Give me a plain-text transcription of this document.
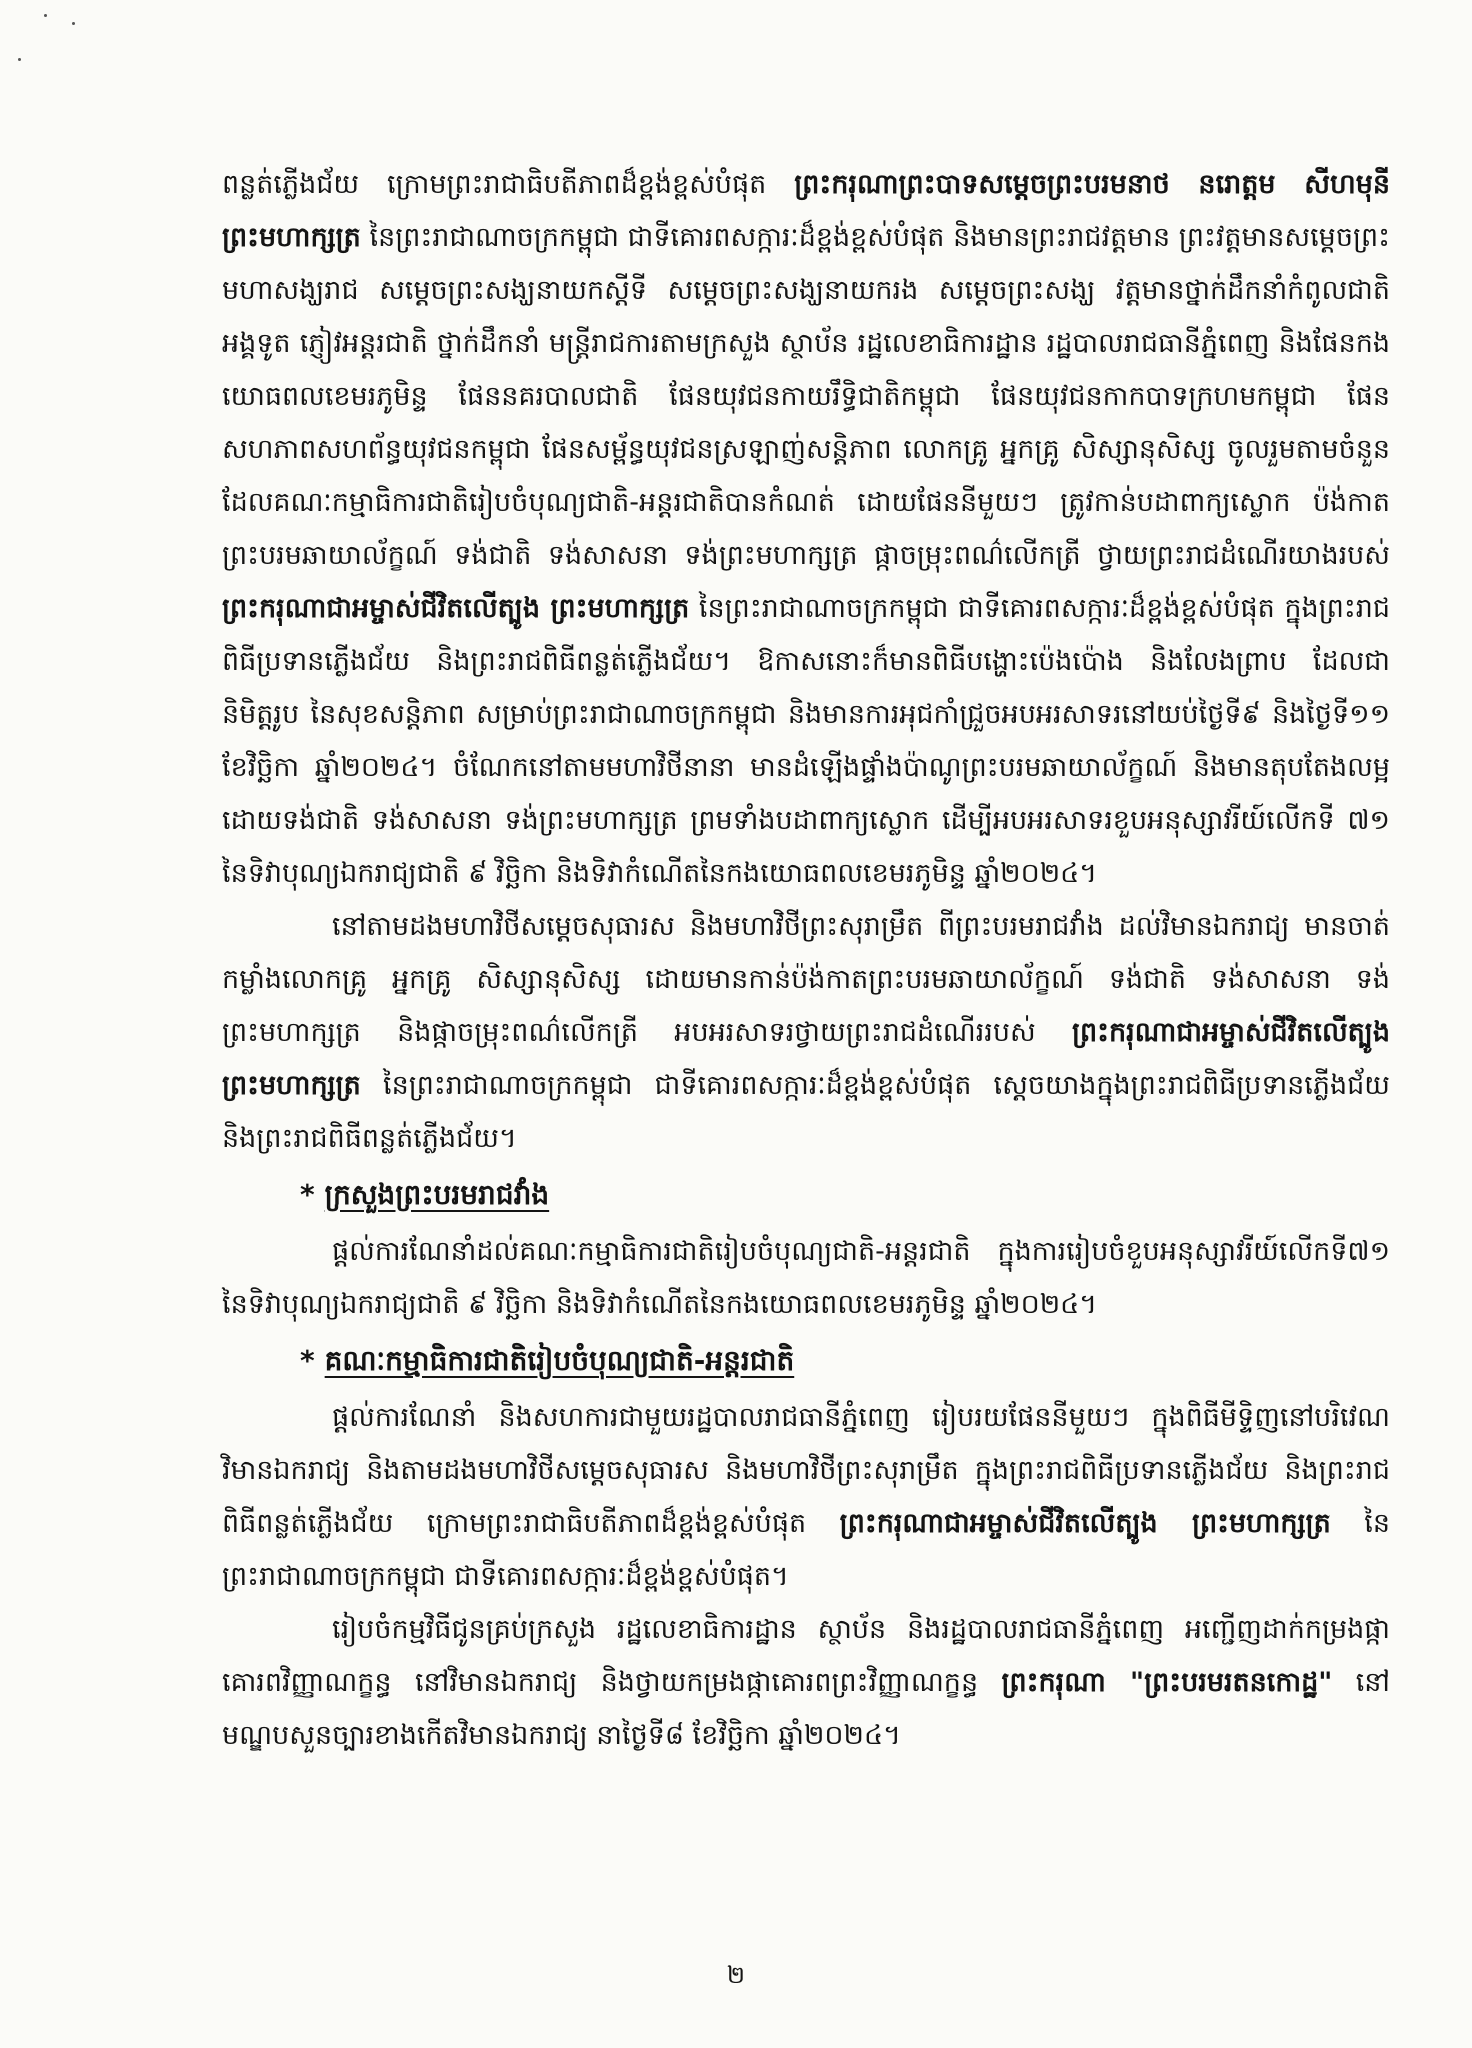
ពន្លត់ភ្លើងជ័យ ក្រោមព្រះរាជាធិបតីភាពដ៏ខ្ពង់ខ្ពស់បំផុត ព្រះករុណាព្រះបាទសម្តេចព្រះបរមនាថ នរោត្តម សីហមុនី ព្រះមហាក្សត្រ នៃព្រះរាជាណាចក្រកម្ពុជា ជាទីគោរពសក្ការៈដ៏ខ្ពង់ខ្ពស់បំផុត និងមានព្រះរាជវត្តមាន ព្រះវត្តមានសម្តេចព្រះមហាសង្ឃរាជ សម្តេចព្រះសង្ឃនាយកស្តីទី សម្តេចព្រះសង្ឃនាយករង សម្តេចព្រះសង្ឃ វត្តមានថ្នាក់ដឹកនាំកំពូលជាតិ អង្គទូត ភ្ញៀវអន្តរជាតិ ថ្នាក់ដឹកនាំ មន្ត្រីរាជការតាមក្រសួង ស្ថាប័ន រដ្ឋលេខាធិការដ្ឋាន រដ្ឋបាលរាជធានីភ្នំពេញ និងផែនកងយោធពលខេមរភូមិន្ទ ផែននគរបាលជាតិ ផែនយុវជនកាយរឹទ្ធិជាតិកម្ពុជា ផែនយុវជនកាកបាទក្រហមកម្ពុជា ផែនសហភាពសហព័ន្ធយុវជនកម្ពុជា ផែនសម្ព័ន្ធយុវជនស្រឡាញ់សន្តិភាព លោកគ្រូ អ្នកគ្រូ សិស្សានុសិស្ស ចូលរួមតាមចំនួន ដែលគណៈកម្មាធិការជាតិរៀបចំបុណ្យជាតិ-អន្តរជាតិបានកំណត់ ដោយផែននីមួយៗ ត្រូវកាន់បដាពាក្យស្លោក ប៉ង់កាតព្រះបរមឆាយាល័ក្ខណ៍ ទង់ជាតិ ទង់សាសនា ទង់ព្រះមហាក្សត្រ ផ្កាចម្រុះពណ៌លើកត្រី ថ្វាយព្រះរាជដំណើរយាងរបស់ ព្រះករុណាជាអម្ចាស់ជីវិតលើត្បូង ព្រះមហាក្សត្រ នៃព្រះរាជាណាចក្រកម្ពុជា ជាទីគោរពសក្ការៈដ៏ខ្ពង់ខ្ពស់បំផុត ក្នុងព្រះរាជពិធីប្រទានភ្លើងជ័យ និងព្រះរាជពិធីពន្លត់ភ្លើងជ័យ។ ឱកាសនោះក៏មានពិធីបង្ហោះប៉េងប៉ោង និងលែងព្រាប ដែលជានិមិត្តរូប នៃសុខសន្តិភាព សម្រាប់ព្រះរាជាណាចក្រកម្ពុជា និងមានការអុជកាំជ្រួចអបអរសាទរនៅយប់ថ្ងៃទី៩ និងថ្ងៃទី១១ ខែវិច្ឆិកា ឆ្នាំ២០២៤។ ចំណែកនៅតាមមហាវិថីនានា មានដំឡើងផ្ទាំងប៉ាណូព្រះបរមឆាយាល័ក្ខណ៍ និងមានតុបតែងលម្អដោយទង់ជាតិ ទង់សាសនា ទង់ព្រះមហាក្សត្រ ព្រមទាំងបដាពាក្យស្លោក ដើម្បីអបអរសាទរខួបអនុស្សាវរីយ៍លើកទី ៧១ នៃទិវាបុណ្យឯករាជ្យជាតិ ៩ វិច្ឆិកា និងទិវាកំណើតនៃកងយោធពលខេមរភូមិន្ទ ឆ្នាំ២០២៤។

នៅតាមដងមហាវិថីសម្តេចសុធារស និងមហាវិថីព្រះសុរាម្រឹត ពីព្រះបរមរាជវាំង ដល់វិមានឯករាជ្យ មានចាត់កម្លាំងលោកគ្រូ អ្នកគ្រូ សិស្សានុសិស្ស ដោយមានកាន់ប៉ង់កាតព្រះបរមឆាយាល័ក្ខណ៍ ទង់ជាតិ ទង់សាសនា ទង់ព្រះមហាក្សត្រ និងផ្កាចម្រុះពណ៌លើកត្រី អបអរសាទរថ្វាយព្រះរាជដំណើររបស់ ព្រះករុណាជាអម្ចាស់ជីវិតលើត្បូង ព្រះមហាក្សត្រ នៃព្រះរាជាណាចក្រកម្ពុជា ជាទីគោរពសក្ការៈដ៏ខ្ពង់ខ្ពស់បំផុត ស្តេចយាងក្នុងព្រះរាជពិធីប្រទានភ្លើងជ័យ និងព្រះរាជពិធីពន្លត់ភ្លើងជ័យ។

* ក្រសួងព្រះបរមរាជវាំង

ផ្តល់ការណែនាំដល់គណៈកម្មាធិការជាតិរៀបចំបុណ្យជាតិ-អន្តរជាតិ ក្នុងការរៀបចំខួបអនុស្សាវរីយ៍លើកទី៧១ នៃទិវាបុណ្យឯករាជ្យជាតិ ៩ វិច្ឆិកា និងទិវាកំណើតនៃកងយោធពលខេមរភូមិន្ទ ឆ្នាំ២០២៤។

* គណៈកម្មាធិការជាតិរៀបចំបុណ្យជាតិ-អន្តរជាតិ

ផ្តល់ការណែនាំ និងសហការជាមួយរដ្ឋបាលរាជធានីភ្នំពេញ រៀបរយផែននីមួយៗ ក្នុងពិធីមីទ្ទិញនៅបរិវេណវិមានឯករាជ្យ និងតាមដងមហាវិថីសម្តេចសុធារស និងមហាវិថីព្រះសុរាម្រឹត ក្នុងព្រះរាជពិធីប្រទានភ្លើងជ័យ និងព្រះរាជពិធីពន្លត់ភ្លើងជ័យ ក្រោមព្រះរាជាធិបតីភាពដ៏ខ្ពង់ខ្ពស់បំផុត ព្រះករុណាជាអម្ចាស់ជីវិតលើត្បូង ព្រះមហាក្សត្រ នៃព្រះរាជាណាចក្រកម្ពុជា ជាទីគោរពសក្ការៈដ៏ខ្ពង់ខ្ពស់បំផុត។

រៀបចំកម្មវិធីជូនគ្រប់ក្រសួង រដ្ឋលេខាធិការដ្ឋាន ស្ថាប័ន និងរដ្ឋបាលរាជធានីភ្នំពេញ អញ្ជើញដាក់កម្រងផ្កាគោរពវិញ្ញាណក្ខន្ធ នៅវិមានឯករាជ្យ និងថ្វាយកម្រងផ្កាគោរពព្រះវិញ្ញាណក្ខន្ធ ព្រះករុណា "ព្រះបរមរតនកោដ្ឋ" នៅមណ្ឌបសួនច្បារខាងកើតវិមានឯករាជ្យ នាថ្ងៃទី៨ ខែវិច្ឆិកា ឆ្នាំ២០២៤។

២
